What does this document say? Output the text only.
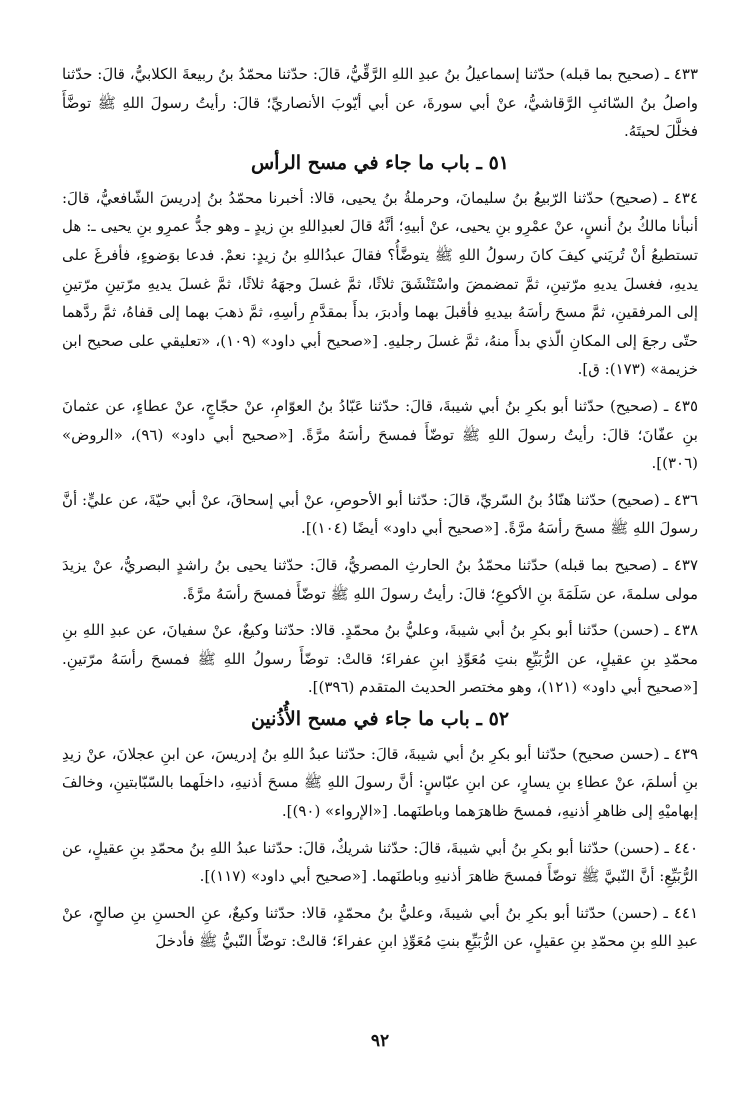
٤٣٣ ـ (صحيح بما قبله) حدّثنا إسماعيلُ بنُ عبدِ اللهِ الرَّقِّيُّ، قالَ: حدّثنا محمّدُ بنُ ربيعةَ الكلابيُّ، قالَ: حدّثنا واصلُ بنُ السّائبِ الرَّقاشيُّ، عنْ أبي سورةَ، عن أبي أيّوبَ الأنصاريِّ؛ قالَ: رأيتُ رسولَ اللهِ ﷺ توضَّأَ فخلَّلَ لحيتَهُ.

٥١ ـ باب ما جاء في مسح الرأس

٤٣٤ ـ (صحيح) حدّثنا الرّبيعُ بنُ سليمانَ، وحرملةُ بنُ يحيى، قالا: أخبرنا محمّدُ بنُ إدريسَ الشّافعيُّ، قالَ: أنبأنا مالكُ بنُ أنسٍ، عنْ عمْرِو بنِ يحيى، عنْ أبيهِ؛ أنَّهُ قالَ لعبدِاللهِ بنِ زيدٍ ـ وهو جدُّ عمرِو بنِ يحيى ـ: هل تستطيعُ أنْ تُريَني كيفَ كانَ رسولُ اللهِ ﷺ يتوضَّأُ؟ فقالَ عبدُاللهِ بنُ زيدٍ: نعمْ. فدعا بوَضوءٍ، فأفرغَ على يديهِ، فغسلَ يديهِ مرّتينِ، ثمَّ تمضمضَ واسْتَنْشَقَ ثلاثًا، ثمَّ غسلَ وجهَهُ ثلاثًا، ثمَّ غسلَ يديهِ مرّتينِ مرّتينِ إلى المرفقينِ، ثمَّ مسحَ رأسَهُ بيديهِ فأقبلَ بهما وأدبرَ، بدأَ بمقدَّمِ رأسِهِ، ثمَّ ذهبَ بهما إلى قفاهُ، ثمَّ ردَّهما حتّى رجعَ إلى المكانِ الّذي بدأَ منهُ، ثمَّ غسلَ رجليهِ. [«صحيح أبي داود» (١٠٩)، «تعليقي على صحيح ابن خزيمة» (١٧٣): ق].

٤٣٥ ـ (صحيح) حدّثنا أبو بكرِ بنُ أبي شيبةَ، قالَ: حدّثنا عَبّادُ بنُ العوّامِ، عنْ حجّاجٍ، عنْ عطاءٍ، عن عثمانَ بنِ عفّانَ؛ قالَ: رأيتُ رسولَ اللهِ ﷺ توضّأَ فمسحَ رأسَهُ مرَّةً. [«صحيح أبي داود» (٩٦)، «الروض» (٣٠٦)].

٤٣٦ ـ (صحيح) حدّثنا هنّادُ بنُ السّريِّ، قالَ: حدّثنا أبو الأحوصِ، عنْ أبي إسحاقَ، عنْ أبي حيّةَ، عن عليٍّ: أنَّ رسولَ اللهِ ﷺ مسحَ رأسَهُ مرَّةً. [«صحيح أبي داود» أيضًا (١٠٤)].

٤٣٧ ـ (صحيح بما قبله) حدّثنا محمّدُ بنُ الحارثِ المصريُّ، قالَ: حدّثنا يحيى بنُ راشدٍ البصريُّ، عنْ يزيدَ مولى سلمةَ، عن سَلَمَةَ بنِ الأكوعِ؛ قالَ: رأيتُ رسولَ اللهِ ﷺ توضّأَ فمسحَ رأسَهُ مرَّةً.

٤٣٨ ـ (حسن) حدّثنا أبو بكرِ بنُ أبي شيبةَ، وعليُّ بنُ محمّدٍ. قالا: حدّثنا وكيعٌ، عنْ سفيانَ، عن عبدِ اللهِ بنِ محمّدِ بنِ عقيلٍ، عن الرُّبَيِّعِ بنتِ مُعَوِّذِ ابنِ عفراءَ؛ قالتْ: توضّأَ رسولُ اللهِ ﷺ فمسحَ رأسَهُ مرّتينِ. [«صحيح أبي داود» (١٢١)، وهو مختصر الحديث المتقدم (٣٩٦)].

٥٢ ـ باب ما جاء في مسح الأُذُنين

٤٣٩ ـ (حسن صحيح) حدّثنا أبو بكرِ بنُ أبي شيبةَ، قالَ: حدّثنا عبدُ اللهِ بنُ إدريسَ، عن ابنِ عجلانَ، عنْ زيدِ بنِ أسلمَ، عنْ عطاءِ بنِ يسارٍ، عن ابنِ عبّاسٍ: أنَّ رسولَ اللهِ ﷺ مسحَ أذنيهِ، داخلَهما بالسّبّابتينِ، وخالفَ إبهاميْهِ إلى ظاهرِ أذنيهِ، فمسحَ ظاهرَهما وباطنَهما. [«الإرواء» (٩٠)].

٤٤٠ ـ (حسن) حدّثنا أبو بكرِ بنُ أبي شيبةَ، قالَ: حدّثنا شريكٌ، قالَ: حدّثنا عبدُ اللهِ بنُ محمّدِ بنِ عقيلٍ، عن الرُّبَيِّعِ: أنَّ النّبيَّ ﷺ توضّأَ فمسحَ ظاهرَ أذنيهِ وباطنَهما. [«صحيح أبي داود» (١١٧)].

٤٤١ ـ (حسن) حدّثنا أبو بكرِ بنُ أبي شيبةَ، وعليُّ بنُ محمّدٍ، قالا: حدّثنا وكيعٌ، عنِ الحسنِ بنِ صالحٍ، عنْ عبدِ اللهِ بنِ محمّدِ بنِ عقيلٍ، عن الرُّبَيِّعِ بنتِ مُعَوِّذِ ابنِ عفراءَ؛ قالتْ: توضّأَ النّبيُّ ﷺ فأدخلَ

٩٢
